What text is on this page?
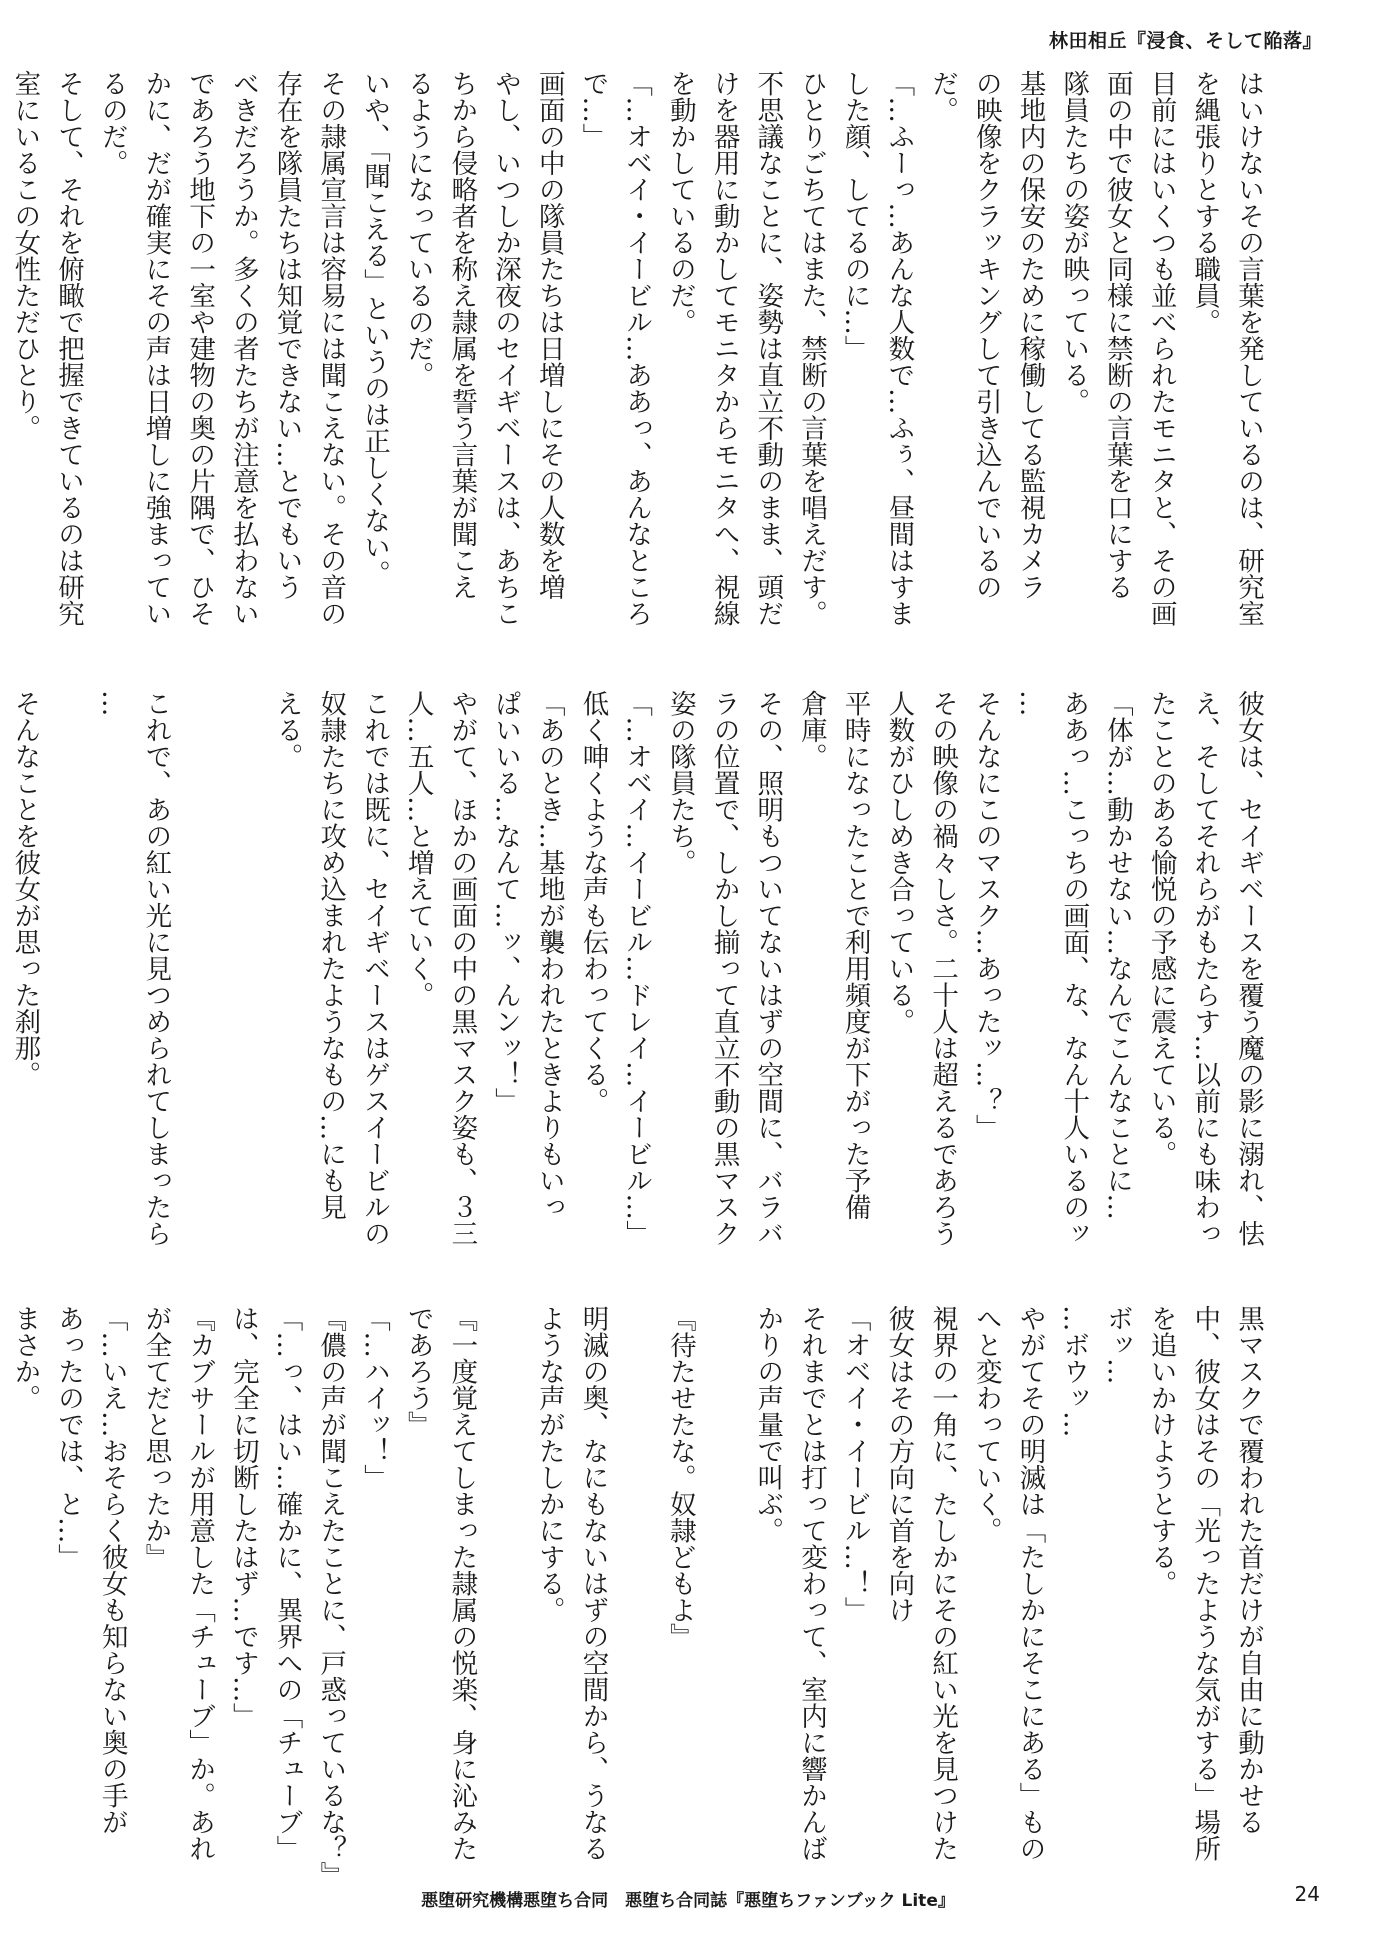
林田相丘『浸食、そして陥落』

はいけないその言葉を発しているのは、研究室

を縄張りとする職員。

目前にはいくつも並べられたモニタと、その画

面の中で彼女と同様に禁断の言葉を口にする

隊員たちの姿が映っている。

基地内の保安のために稼働してる監視カメラ

の映像をクラッキングして引き込んでいるの

だ。

「…ふーっ…あんな人数で…ふぅ、昼間はすま

した顔、してるのに…」

ひとりごちてはまた、禁断の言葉を唱えだす。

不思議なことに、姿勢は直立不動のまま、頭だ

けを器用に動かしてモニタからモニタへ、視線

を動かしているのだ。

「…オベイ・イービル…ああっ、あんなところ

で…」

画面の中の隊員たちは日増しにその人数を増

やし、いつしか深夜のセイギベースは、あちこ

ちから侵略者を称え隷属を誓う言葉が聞こえ

るようになっているのだ。

いや、「聞こえる」というのは正しくない。

その隷属宣言は容易には聞こえない。その音の

存在を隊員たちは知覚できない…とでもいう

べきだろうか。多くの者たちが注意を払わない

であろう地下の一室や建物の奥の片隅で、ひそ

かに、だが確実にその声は日増しに強まってい

るのだ。

そして、それを俯瞰で把握できているのは研究

室にいるこの女性ただひとり。

彼女は、セイギベースを覆う魔の影に溺れ、怯

え、そしてそれらがもたらす…以前にも味わっ

たことのある愉悦の予感に震えている。

「体が…動かせない…なんでこんなことに…

ああっ…こっちの画面、な、なん十人いるのッ

…

そんなにこのマスク…あったッ…？」

その映像の禍々しさ。二十人は超えるであろう

人数がひしめき合っている。

平時になったことで利用頻度が下がった予備

倉庫。

その、照明もついてないはずの空間に、バラバ

ラの位置で、しかし揃って直立不動の黒マスク

姿の隊員たち。

「…オベイ…イービル…ドレイ…イービル…」

低く呻くような声も伝わってくる。

「あのとき…基地が襲われたときよりもいっ

ぱいいる…なんて…ッ、んンッ！」

やがて、ほかの画面の中の黒マスク姿も、３三

人…五人…と増えていく。

これでは既に、セイギベースはゲスイービルの

奴隷たちに攻め込まれたようなもの…にも見

える。

これで、あの紅い光に見つめられてしまったら

…

そんなことを彼女が思った刹那。

黒マスクで覆われた首だけが自由に動かせる

中、彼女はその「光ったような気がする」場所

を追いかけようとする。

ボッ…

…ボウッ…

やがてその明滅は「たしかにそこにある」もの

へと変わっていく。

視界の一角に、たしかにその紅い光を見つけた

彼女はその方向に首を向け

「オベイ・イービル…！」

それまでとは打って変わって、室内に響かんば

かりの声量で叫ぶ。

『待たせたな。奴隷どもよ』

明滅の奥、なにもないはずの空間から、うなる

ような声がたしかにする。

『一度覚えてしまった隷属の悦楽、身に沁みた

であろう』

「…ハイッ！」

『儂の声が聞こえたことに、戸惑っているな？』

「…っ、はい…確かに、異界への「チューブ」

は、完全に切断したはず…です…」

『カブサールが用意した「チューブ」か。あれ

が全てだと思ったか』

「…いえ…おそらく彼女も知らない奥の手が

あったのでは、と…」

まさか。

悪堕研究機構悪堕ち合同　悪堕ち合同誌『悪堕ちファンブック Lite』	24
